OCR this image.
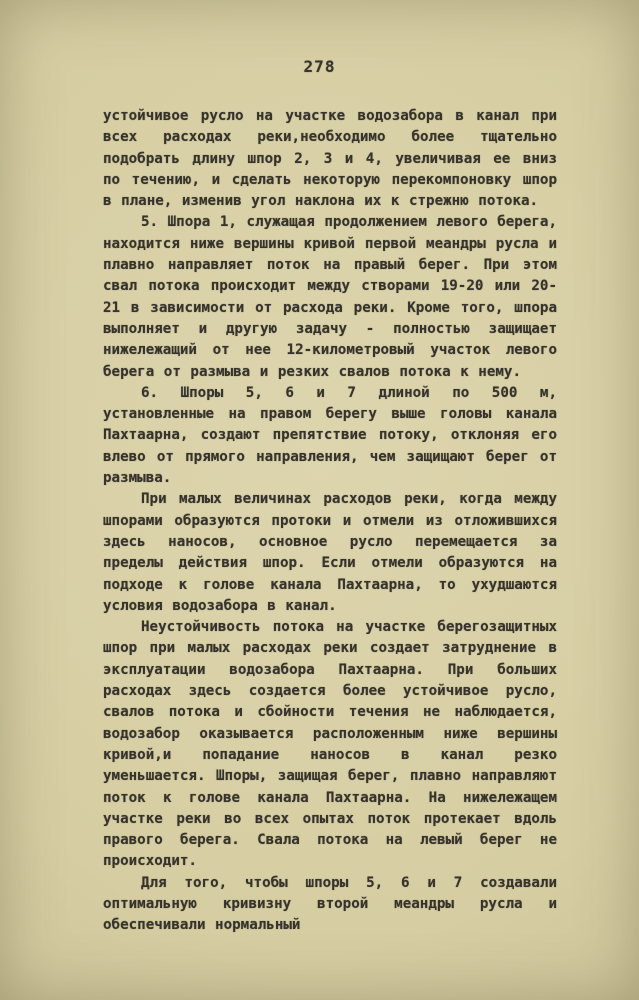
278

устойчивое русло на участке водозабора в канал при всех расходах реки,необходимо более тщательно подобрать длину шпор 2, 3 и 4, увеличивая ее вниз по течению, и сделать некоторую перекомпоновку шпор в плане, изменив угол наклона их к стрежню потока.

5. Шпора 1, служащая продолжением левого берега, находится ниже вершины кривой первой меандры русла и плавно направляет поток на правый берег. При этом свал потока происходит между створами 19-20 или 20-21 в зависимости от расхода реки. Кроме того, шпора выполняет и другую задачу - полностью защищает нижележащий от нее 12-километровый участок левого берега от размыва и резких свалов потока к нему.

6. Шпоры 5, 6 и 7 длиной по 500 м, установленные на правом берегу выше головы канала Пахтаарна, создают препятствие потоку, отклоняя его влево от прямого направления, чем защищают берег от размыва.

При малых величинах расходов реки, когда между шпорами образуются протоки и отмели из отложившихся здесь наносов, основное русло перемещается за пределы действия шпор. Если отмели образуются на подходе к голове канала Пахтаарна, то ухудшаются условия водозабора в канал.

Неустойчивость потока на участке берегозащитных шпор при малых расходах реки создает затруднение в эксплуатации водозабора Пахтаарна. При больших расходах здесь создается более устойчивое русло, свалов потока и сбойности течения не наблюдается, водозабор оказывается расположенным ниже вершины кривой,и попадание наносов в канал резко уменьшается. Шпоры, защищая берег, плавно направляют поток к голове канала Пахтаарна. На нижележащем участке реки во всех опытах поток протекает вдоль правого берега. Свала потока на левый берег не происходит.

Для того, чтобы шпоры 5, 6 и 7 создавали оптимальную кривизну второй меандры русла и обеспечивали нормальный
